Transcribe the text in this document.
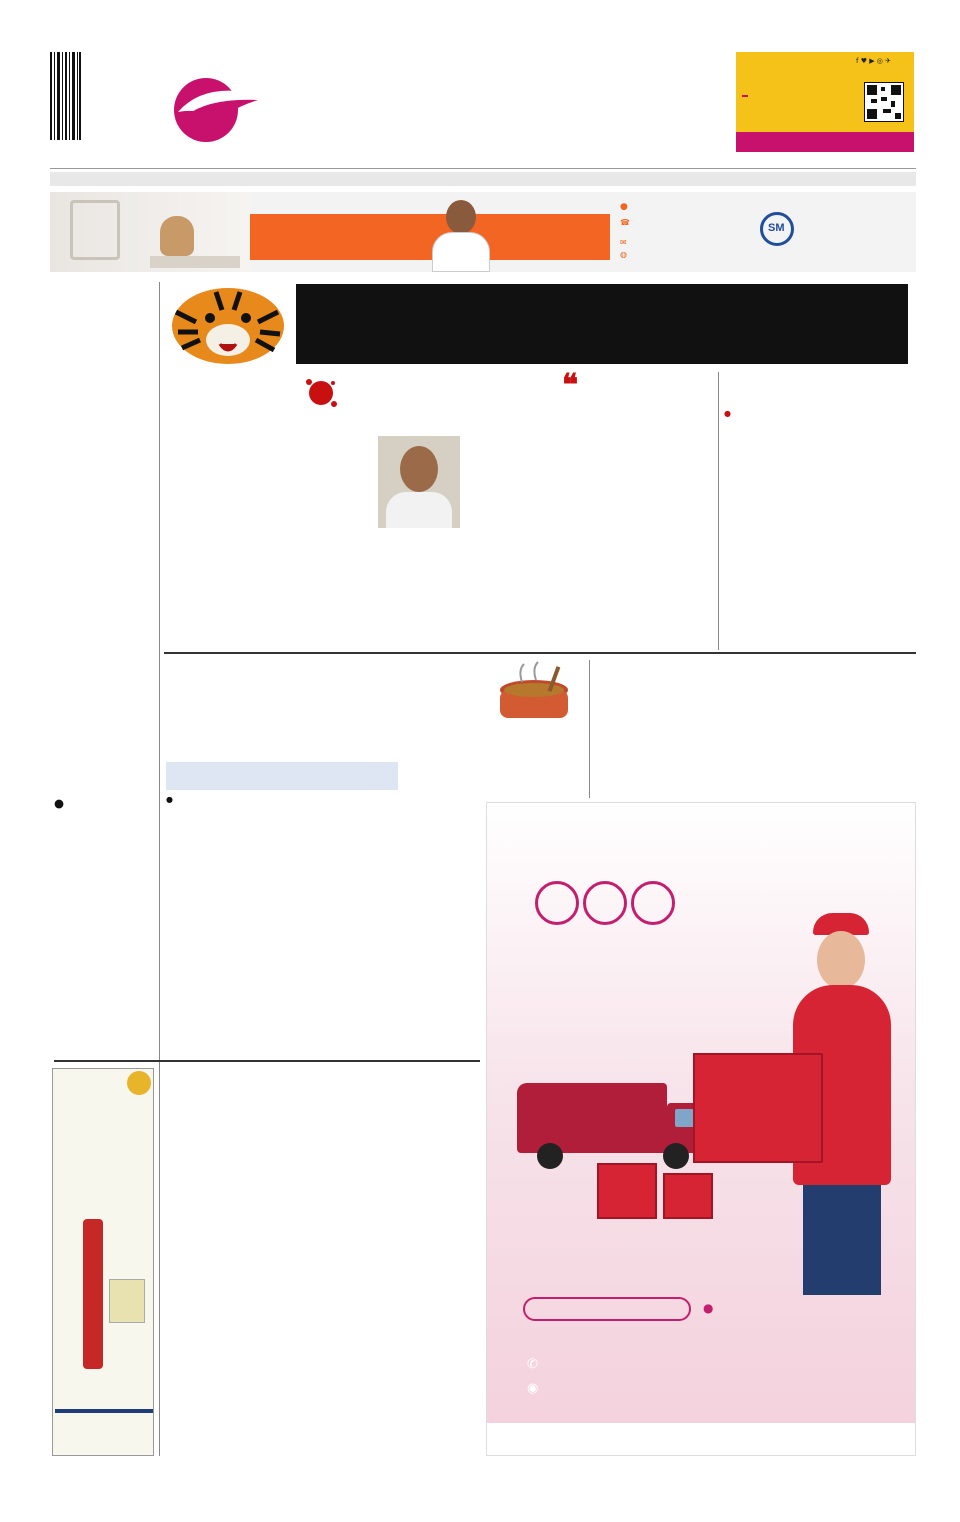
f ♥ ▶ ◎ ✈
●
☎
✉
◍
SM
❝
●
●	●
●
✆
◉
